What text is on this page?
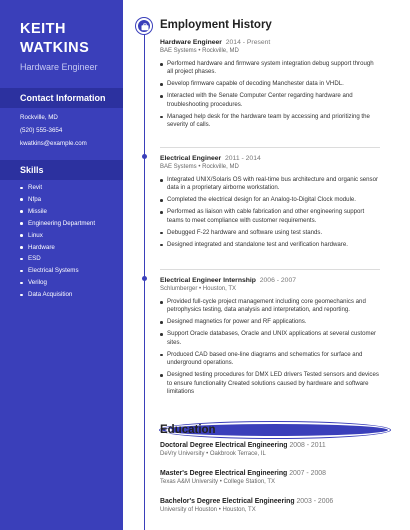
KEITH
WATKINS
Hardware Engineer
Contact Information
Rockville, MD
(520) 555-3654
kwatkins@example.com
Skills
Revit
Nfpa
Missile
Engineering Department
Linux
Hardware
ESD
Electrical Systems
Verilog
Data Acquisition
Employment History
Hardware Engineer 2014 - Present
BAE Systems • Rockville, MD
Performed hardware and firmware system integration debug support through all project phases.
Develop firmware capable of decoding Manchester data in VHDL.
Interacted with the Senate Computer Center regarding hardware and troubleshooting procedures.
Managed help desk for the hardware team by accessing and prioritizing the severity of calls.
Electrical Engineer 2011 - 2014
BAE Systems • Rockville, MD
Integrated UNIX/Solaris OS with real-time bus architecture and organic sensor data in a proprietary airborne workstation.
Completed the electrical design for an Analog-to-Digital Clock module.
Performed as liaison with cable fabrication and other engineering support teams to meet compliance with customer requirements.
Debugged F-22 hardware and software using test stands.
Designed integrated and standalone test and verification hardware.
Electrical Engineer Internship 2006 - 2007
Schlumberger • Houston, TX
Provided full-cycle project management including core geomechanics and petrophysics testing, data analysis and interpretation, and reporting.
Designed magnetics for power and RF applications.
Support Oracle databases, Oracle and UNIX applications at several customer sites.
Produced CAD based one-line diagrams and schematics for surface and underground operations.
Designed testing procedures for DMX LED drivers Tested sensors and devices to ensure functionality Created solutions caused by hardware and software limitations
Education
Doctoral Degree Electrical Engineering 2008 - 2011
DeVry University • Oakbrook Terrace, IL
Master's Degree Electrical Engineering 2007 - 2008
Texas A&M University • College Station, TX
Bachelor's Degree Electrical Engineering 2003 - 2006
University of Houston • Houston, TX
